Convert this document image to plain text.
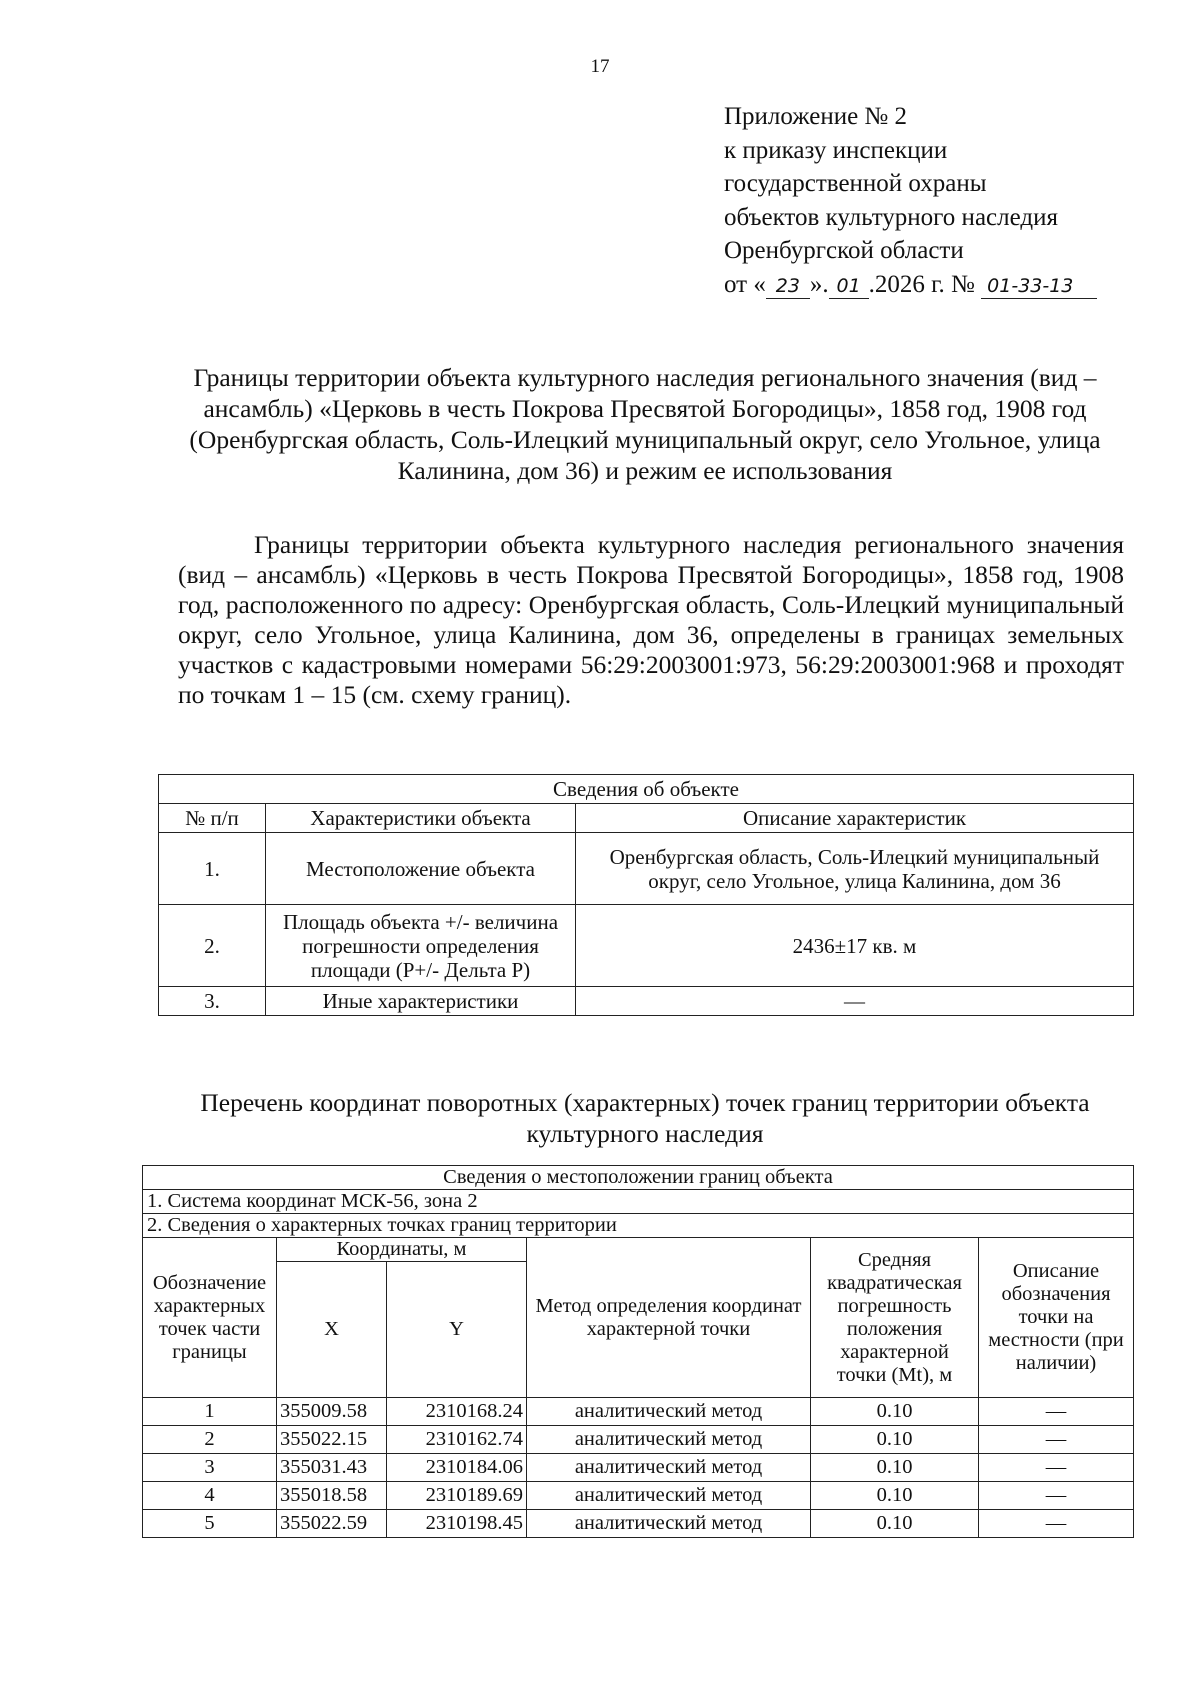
17
Приложение № 2
к приказу инспекции
государственной охраны
объектов культурного наследия
Оренбургской области
от « 23 ». 01 .2026 г. № 01-33-13
Границы территории объекта культурного наследия регионального значения (вид – ансамбль) «Церковь в честь Покрова Пресвятой Богородицы», 1858 год, 1908 год (Оренбургская область, Соль-Илецкий муниципальный округ, село Угольное, улица Калинина, дом 36) и режим ее использования
Границы территории объекта культурного наследия регионального значения (вид – ансамбль) «Церковь в честь Покрова Пресвятой Богородицы», 1858 год, 1908 год, расположенного по адресу: Оренбургская область, Соль-Илецкий муниципальный округ, село Угольное, улица Калинина, дом 36, определены в границах земельных участков с кадастровыми номерами 56:29:2003001:973, 56:29:2003001:968 и проходят по точкам 1 – 15 (см. схему границ).
Сведения об объекте		
№ п/п	Характеристики объекта	Описание характеристик
1.	Местоположение объекта	Оренбургская область, Соль-Илецкий муниципальный округ, село Угольное, улица Калинина, дом 36
2.	Площадь объекта +/- величина погрешности определения площади (Р+/- Дельта Р)	2436±17 кв. м
3.	Иные характеристики	—
Перечень координат поворотных (характерных) точек границ территории объекта культурного наследия
Сведения о местоположении границ объекта					
1. Система координат МСК-56, зона 2					
2. Сведения о характерных точках границ территории					
Обозначение характерных точек части границы	Координаты, м		Метод определения координат характерной точки	Средняя квадратическая погрешность положения характерной точки (Mt), м	Описание обозначения точки на местности (при наличии)
	X	Y			
1	355009.58	2310168.24	аналитический метод	0.10	—
2	355022.15	2310162.74	аналитический метод	0.10	—
3	355031.43	2310184.06	аналитический метод	0.10	—
4	355018.58	2310189.69	аналитический метод	0.10	—
5	355022.59	2310198.45	аналитический метод	0.10	—
